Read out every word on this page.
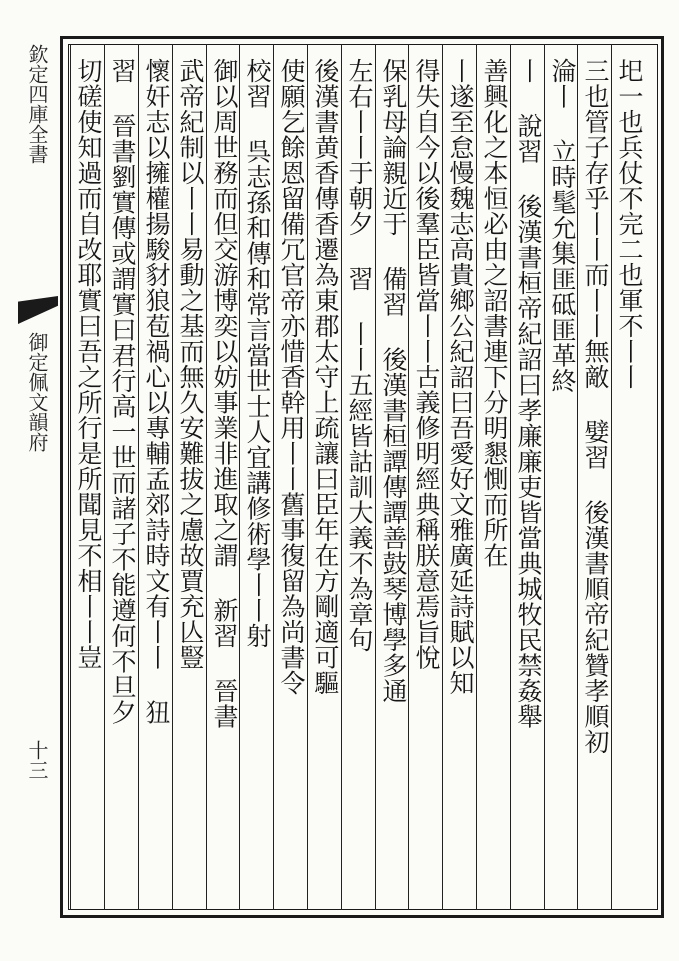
欽定四庫全書
御定佩文韻府
十三
圯一也兵仗不完二也軍不丨丨
三也管子存乎丨丨而丨丨無敵 嬖習 後漢書順帝紀贊孝順初
淪丨 立時髦允集匪砥匪革終
丨 說習 後漢書桓帝紀詔曰孝廉廉吏皆當典城牧民禁姦舉
善興化之本恒必由之詔書連下分明懇惻而所在
丨遂至怠慢魏志高貴鄉公紀詔曰吾愛好文雅廣延詩賦以知
得失自今以後羣臣皆當丨丨古義修明經典稱朕意焉旨悅
保乳母論親近于 備習 後漢書桓譚傳譚善鼓琴博學多通
左右丨丨于朝夕 習 丨丨五經皆詁訓大義不為章句
後漢書黄香傳香遷為東郡太守上疏讓曰臣年在方剛適可驅
使願乞餘恩留備冗官帝亦惜香幹用丨丨舊事復留為尚書令
校習 呉志孫和傳和常言當世士人宜講修術學丨丨射
御以周世務而但交游博奕以妨事業非進取之謂 新習 晉書
武帝紀制以丨丨易動之基而無久安難拔之慮故賈充亾豎
懷奸志以擁權揚駿豺狼苞禍心以專輔孟郊詩時文有丨丨 狃
習 晉書劉實傳或謂實曰君行高一世而諸子不能遵何不旦夕
切磋使知過而自改耶實曰吾之所行是所聞見不相丨丨豈
